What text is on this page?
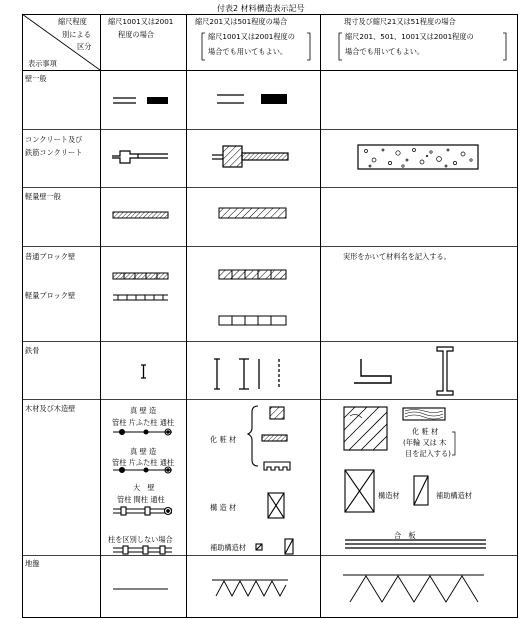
付表2 材料構造表示記号
縮尺程度
別による
区分
表示事項
縮尺1001又は2001
程度の場合
縮尺201又は501程度の場合
縮尺1001又は2001程度の
場合でも用いてもよい。
現寸及び縮尺21又は51程度の場合
縮尺201、501、1001又は2001程度の
場合でも用いてもよい。
壁一般
コンクリート及び
鉄筋コンクリート
軽量壁一般
普通ブロック壁
軽量ブロック壁
実形をかいて材料名を記入する。
鉄骨
木材及び木造壁
地盤
真 壁 造
管柱 片ふた柱 通柱
真 壁 造
管柱 片ふた柱 通柱
大　壁
管柱 間柱 通柱
柱を区別しない場合
化 粧 材
構 造 材
補助構造材
化 粧 材
(年輪 又は 木
目を記入する)
構造材	補助構造材
合　板
